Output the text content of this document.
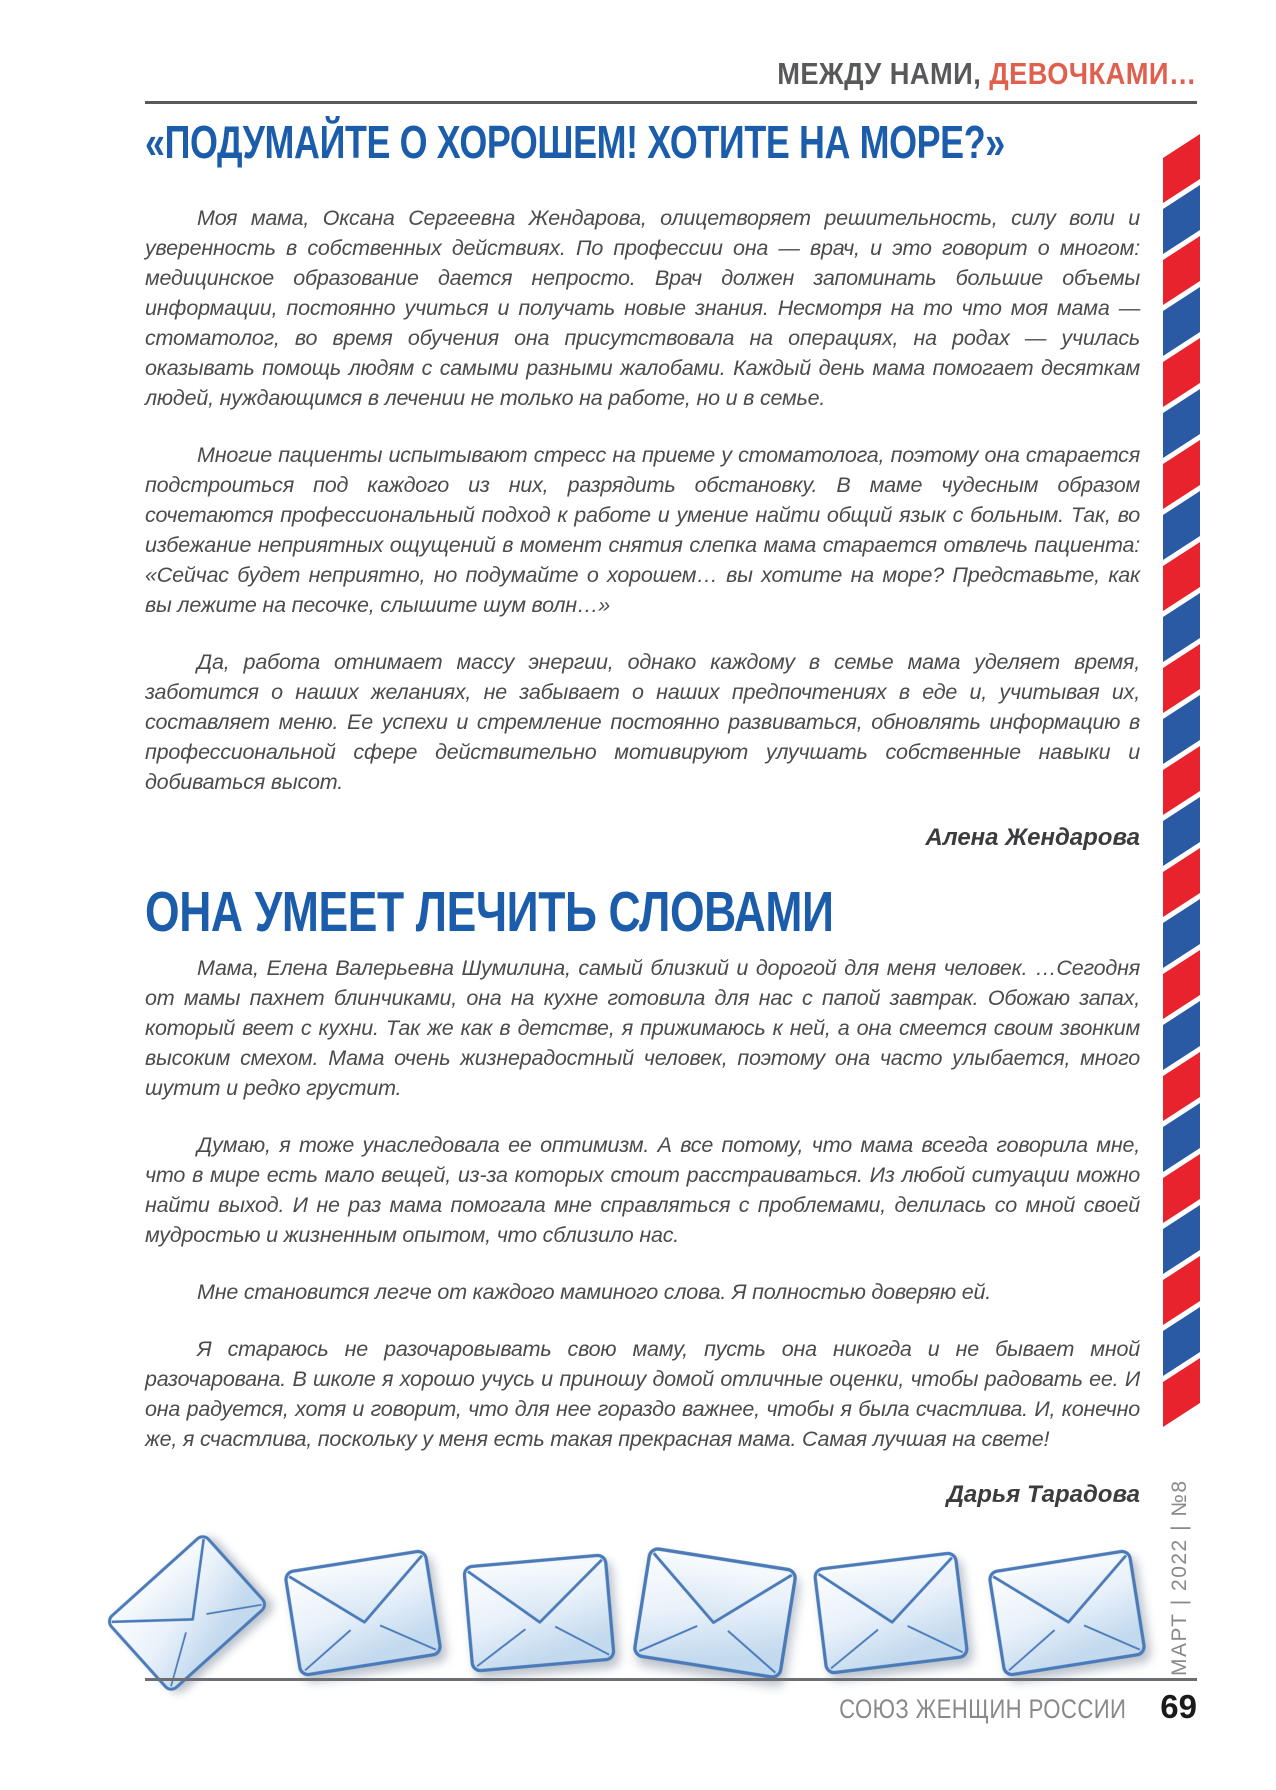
МЕЖДУ НАМИ, ДЕВОЧКАМИ…
«ПОДУМАЙТЕ О ХОРОШЕМ! ХОТИТЕ НА МОРЕ?»

Моя мама, Оксана Сергеевна Жендарова, олицетворяет решительность, силу воли и уверенность в собственных действиях. По профессии она — врач, и это говорит о многом: медицинское образование дается непросто. Врач должен запоминать большие объемы информации, постоянно учиться и получать новые знания. Несмотря на то что моя мама — стоматолог, во время обучения она присутствовала на операциях, на родах — училась оказывать помощь людям с самыми разными жалобами. Каждый день мама помогает десяткам людей, нуждающимся в лечении не только на работе, но и в семье.

Многие пациенты испытывают стресс на приеме у стоматолога, поэтому она старается подстроиться под каждого из них, разрядить обстановку. В маме чудесным образом сочетаются профессиональный подход к работе и умение найти общий язык с больным. Так, во избежание неприятных ощущений в момент снятия слепка мама старается отвлечь пациента: «Сейчас будет неприятно, но подумайте о хорошем… вы хотите на море? Представьте, как вы лежите на песочке, слышите шум волн…»

Да, работа отнимает массу энергии, однако каждому в семье мама уделяет время, заботится о наших желаниях, не забывает о наших предпочтениях в еде и, учитывая их, составляет меню. Ее успехи и стремление постоянно развиваться, обновлять информацию в профессиональной сфере действительно мотивируют улучшать собственные навыки и добиваться высот.

Алена Жендарова
ОНА УМЕЕТ ЛЕЧИТЬ СЛОВАМИ

Мама, Елена Валерьевна Шумилина, самый близкий и дорогой для меня человек. …Сегодня от мамы пахнет блинчиками, она на кухне готовила для нас с папой завтрак. Обожаю запах, который веет с кухни. Так же как в детстве, я прижимаюсь к ней, а она смеется своим звонким высоким смехом. Мама очень жизнерадостный человек, поэтому она часто улыбается, много шутит и редко грустит.

Думаю, я тоже унаследовала ее оптимизм. А все потому, что мама всегда говорила мне, что в мире есть мало вещей, из-за которых стоит расстраиваться. Из любой ситуации можно найти выход. И не раз мама помогала мне справляться с проблемами, делилась со мной своей мудростью и жизненным опытом, что сблизило нас.

Мне становится легче от каждого маминого слова. Я полностью доверяю ей.

Я стараюсь не разочаровывать свою маму, пусть она никогда и не бывает мной разочарована. В школе я хорошо учусь и приношу домой отличные оценки, чтобы радовать ее. И она радуется, хотя и говорит, что для нее гораздо важнее, чтобы я была счастлива. И, конечно же, я счастлива, поскольку у меня есть такая прекрасная мама. Самая лучшая на свете!

Дарья Тарадова МАРТ | 2022 | №8
СОЮЗ ЖЕНЩИН РОССИИ 69
